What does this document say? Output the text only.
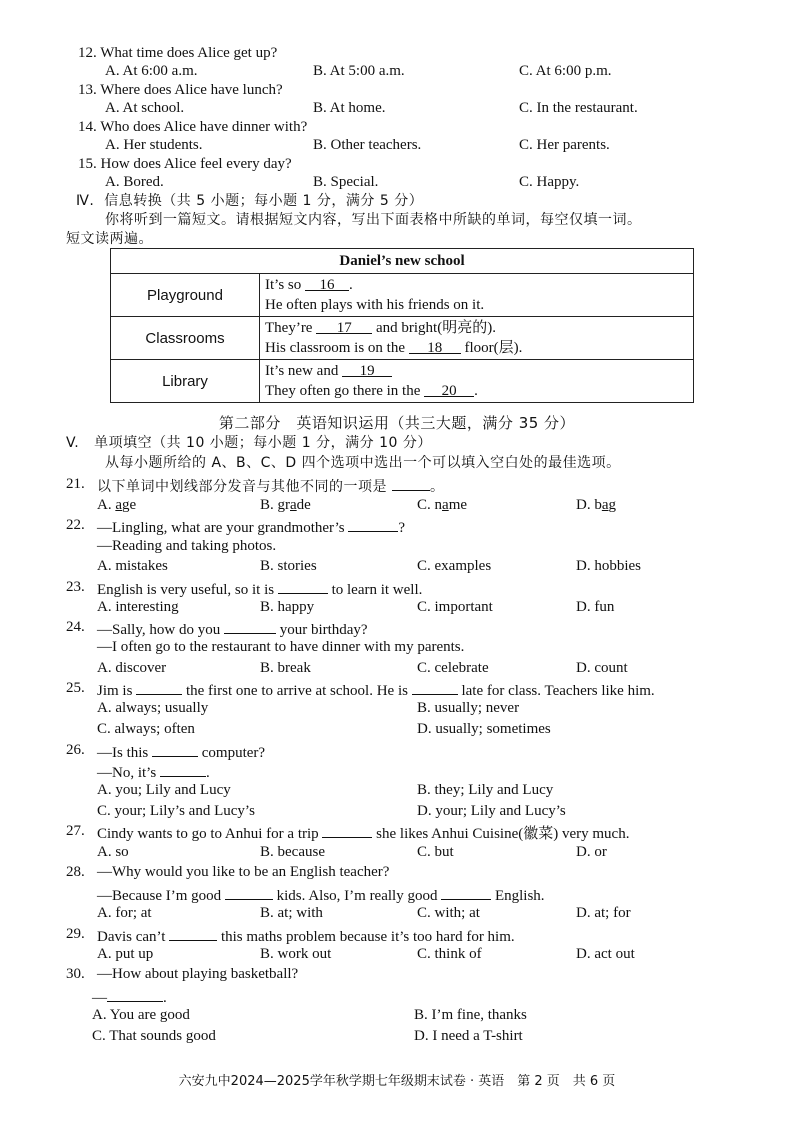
12. What time does Alice get up?
A. At 6:00 a.m.	B. At 5:00 a.m.	C. At 6:00 p.m.
13. Where does Alice have lunch?
A. At school.	B. At home.	C. In the restaurant.
14. Who does Alice have dinner with?
A. Her students.	B. Other teachers.	C. Her parents.
15. How does Alice feel every day?
A. Bored.	B. Special.	C. Happy.
Ⅳ. 信息转换（共 5 小题；每小题 1 分，满分 5 分）
你将听到一篇短文。请根据短文内容，写出下面表格中所缺的单词，每空仅填一词。
短文读两遍。
Daniel’s new school	
Playground	It’s so 16 .
He often plays with his friends on it.

Classrooms	They’re 17 and bright(明亮的).
His classroom is on the 18 floor(层).

Library	It’s new and 19
They often go there in the 20 .
第二部分　英语知识运用（共三大题，满分 35 分）
V. 单项填空（共 10 小题；每小题 1 分，满分 10 分）
从每小题所给的 A、B、C、D 四个选项中选出一个可以填入空白处的最佳选项。
21. 以下单词中划线部分发音与其他不同的一项是	。
A. age	B. grade	C. name	D. bag
22. —Lingling, what are your grandmother’s	?
—Reading and taking photos.
A. mistakes	B. stories	C. examples	D. hobbies
23. English is very useful, so it is	to learn it well.
A. interesting	B. happy	C. important	D. fun
24. —Sally, how do you	your birthday?
—I often go to the restaurant to have dinner with my parents.
A. discover	B. break	C. celebrate	D. count
25. Jim is	the first one to arrive at school. He is	late for class. Teachers like him.
A. always; usually	B. usually; never
C. always; often	D. usually; sometimes
26. —Is this	computer?
—No, it’s	.
A. you; Lily and Lucy	B. they; Lily and Lucy
C. your; Lily’s and Lucy’s	D. your; Lily and Lucy’s
27. Cindy wants to go to Anhui for a trip	she likes Anhui Cuisine(徽菜) very much.
A. so	B. because	C. but	D. or
28. —Why would you like to be an English teacher?
—Because I’m good	kids. Also, I’m really good	English.
A. for; at	B. at; with	C. with; at	D. at; for
29. Davis can’t	this maths problem because it’s too hard for him.
A. put up	B. work out	C. think of	D. act out
30. —How about playing basketball?
—	.
A. You are good	B. I’m fine, thanks
C. That sounds good	D. I need a T-shirt
六安九中2024—2025学年秋学期七年级期末试卷 · 英语　第 2 页　共 6 页
